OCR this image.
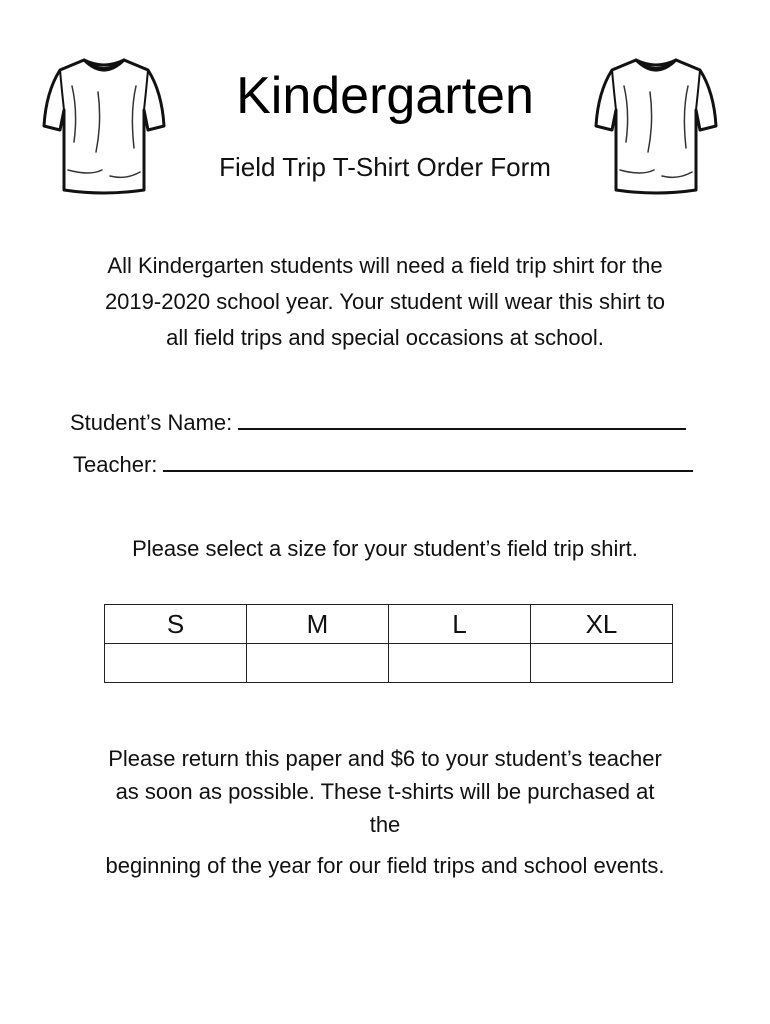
Kindergarten
Field Trip T-Shirt Order Form
All Kindergarten students will need a field trip shirt for the
2019-2020 school year. Your student will wear this shirt to
all field trips and special occasions at school.
Student’s Name:
Teacher:
Please select a size for your student’s field trip shirt.
S	M	L	XL

Please return this paper and $6 to your student’s teacher
as soon as possible. These t-shirts will be purchased at
the
beginning of the year for our field trips and school events.
